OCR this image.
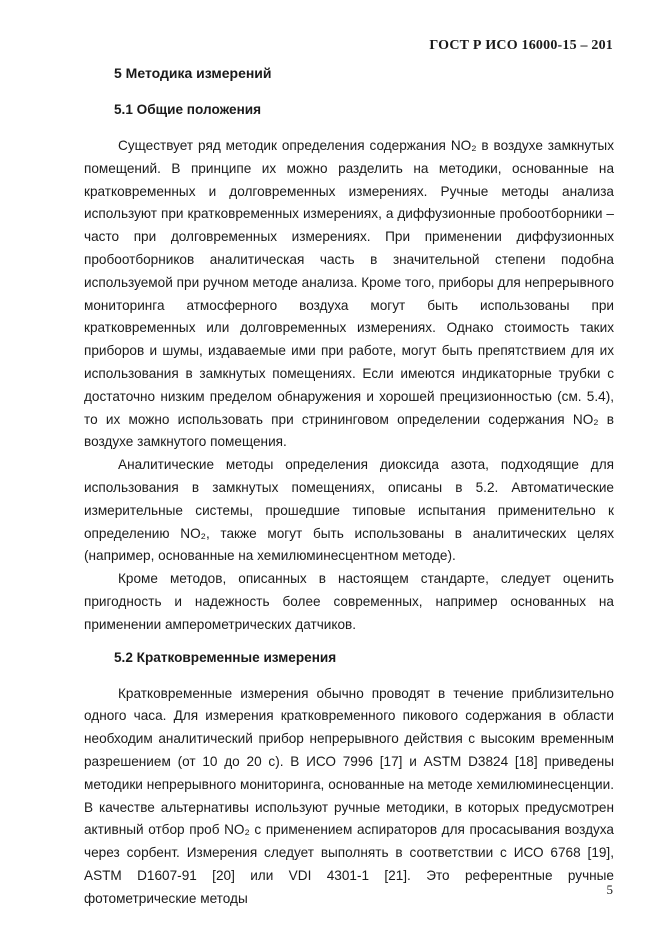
ГОСТ Р ИСО 16000-15 – 201
5 Методика измерений
5.1 Общие положения

Существует ряд методик определения содержания NO₂ в воздухе замкнутых помещений. В принципе их можно разделить на методики, основанные на кратковременных и долговременных измерениях. Ручные методы анализа используют при кратковременных измерениях, а диффузионные пробоотборники – часто при долговременных измерениях. При применении диффузионных пробоотборников аналитическая часть в значительной степени подобна используемой при ручном методе анализа. Кроме того, приборы для непрерывного мониторинга атмосферного воздуха могут быть использованы при кратковременных или долговременных измерениях. Однако стоимость таких приборов и шумы, издаваемые ими при работе, могут быть препятствием для их использования в замкнутых помещениях. Если имеются индикаторные трубки с достаточно низким пределом обнаружения и хорошей прецизионностью (см. 5.4), то их можно использовать при стрининговом определении содержания NO₂ в воздухе замкнутого помещения.

Аналитические методы определения диоксида азота, подходящие для использования в замкнутых помещениях, описаны в 5.2. Автоматические измерительные системы, прошедшие типовые испытания применительно к определению NO₂, также могут быть использованы в аналитических целях (например, основанные на хемилюминесцентном методе).

Кроме методов, описанных в настоящем стандарте, следует оценить пригодность и надежность более современных, например основанных на применении амперометрических датчиков.

5.2 Кратковременные измерения

Кратковременные измерения обычно проводят в течение приблизительно одного часа. Для измерения кратковременного пикового содержания в области необходим аналитический прибор непрерывного действия с высоким временным разрешением (от 10 до 20 с). В ИСО 7996 [17] и ASTM D3824 [18] приведены методики непрерывного мониторинга, основанные на методе хемилюминесценции. В качестве альтернативы используют ручные методики, в которых предусмотрен активный отбор проб NO₂ с применением аспираторов для просасывания воздуха через сорбент. Измерения следует выполнять в соответствии с ИСО 6768 [19], ASTM D1607-91 [20] или VDI 4301-1 [21]. Это референтные ручные фотометрические методы

5
